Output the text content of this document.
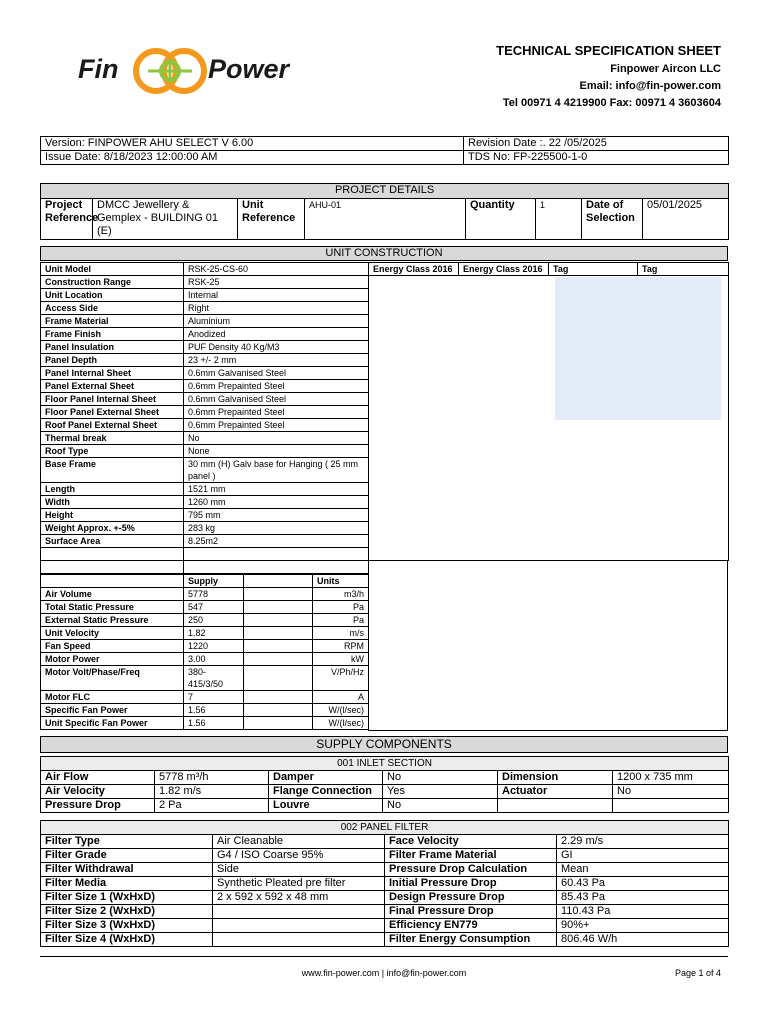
Fin	Power
TECHNICAL SPECIFICATION SHEET
Finpower Aircon LLC
Email: info@fin-power.com
Tel 00971 4 4219900 Fax: 00971 4 3603604
Version: FINPOWER AHU SELECT V 6.00	Revision Date :. 22 /05/2025
Issue Date: 8/18/2023 12:00:00 AM	TDS No: FP-225500-1-0
PROJECT DETAILS
Project Reference	DMCC Jewellery & Gemplex - BUILDING 01 (E)	Unit Reference	AHU-01	Quantity	1	Date of Selection	05/01/2025
UNIT CONSTRUCTION
Unit Model	RSK-25-CS-60
Construction Range	RSK-25
Unit Location	Internal
Access Side	Right
Frame Material	Aluminium
Frame Finish	Anodized
Panel Insulation	PUF Density 40 Kg/M3
Panel Depth	23 +/- 2 mm
Panel Internal Sheet	0.6mm Galvanised Steel
Panel External Sheet	0.6mm Prepainted Steel
Floor Panel Internal Sheet	0.6mm Galvanised Steel
Floor Panel External Sheet	0.6mm Prepainted Steel
Roof Panel External Sheet	0.6mm Prepainted Steel
Thermal break	No
Roof Type	None
Base Frame	30 mm (H) Galv base for Hanging ( 25 mm panel )
Length	1521 mm
Width	1260 mm
Height	795 mm
Weight Approx. +-5%	283 kg
Surface Area	8.25m2

Energy Class 2016	Energy Class 2016	Tag	Tag
	Supply		Units
Air Volume	5778		m3/h
Total Static Pressure	547		Pa
External Static Pressure	250		Pa
Unit Velocity	1.82		m/s
Fan Speed	1220		RPM
Motor Power	3.00		kW
Motor Volt/Phase/Freq	380-415/3/50		V/Ph/Hz
Motor FLC	7		A
Specific Fan Power	1.56		W/(l/sec)
Unit Specific Fan Power	1.56		W/(l/sec)
SUPPLY COMPONENTS
001 INLET SECTION					
Air Flow	5778 m³/h	Damper	No	Dimension	1200 x 735 mm
Air Velocity	1.82 m/s	Flange Connection	Yes	Actuator	No
Pressure Drop	2 Pa	Louvre	No		
002 PANEL FILTER			
Filter Type	Air Cleanable	Face Velocity	2.29 m/s
Filter Grade	G4 / ISO Coarse 95%	Filter Frame Material	GI
Filter Withdrawal	Side	Pressure Drop Calculation	Mean
Filter Media	Synthetic Pleated pre filter	Initial Pressure Drop	60.43 Pa
Filter Size 1 (WxHxD)	2 x 592 x 592 x 48 mm	Design Pressure Drop	85.43 Pa
Filter Size 2 (WxHxD)		Final Pressure Drop	110.43 Pa
Filter Size 3 (WxHxD)		Efficiency EN779	90%+
Filter Size 4 (WxHxD)		Filter Energy Consumption	806.46 W/h
www.fin-power.com | info@fin-power.com	Page 1 of 4
